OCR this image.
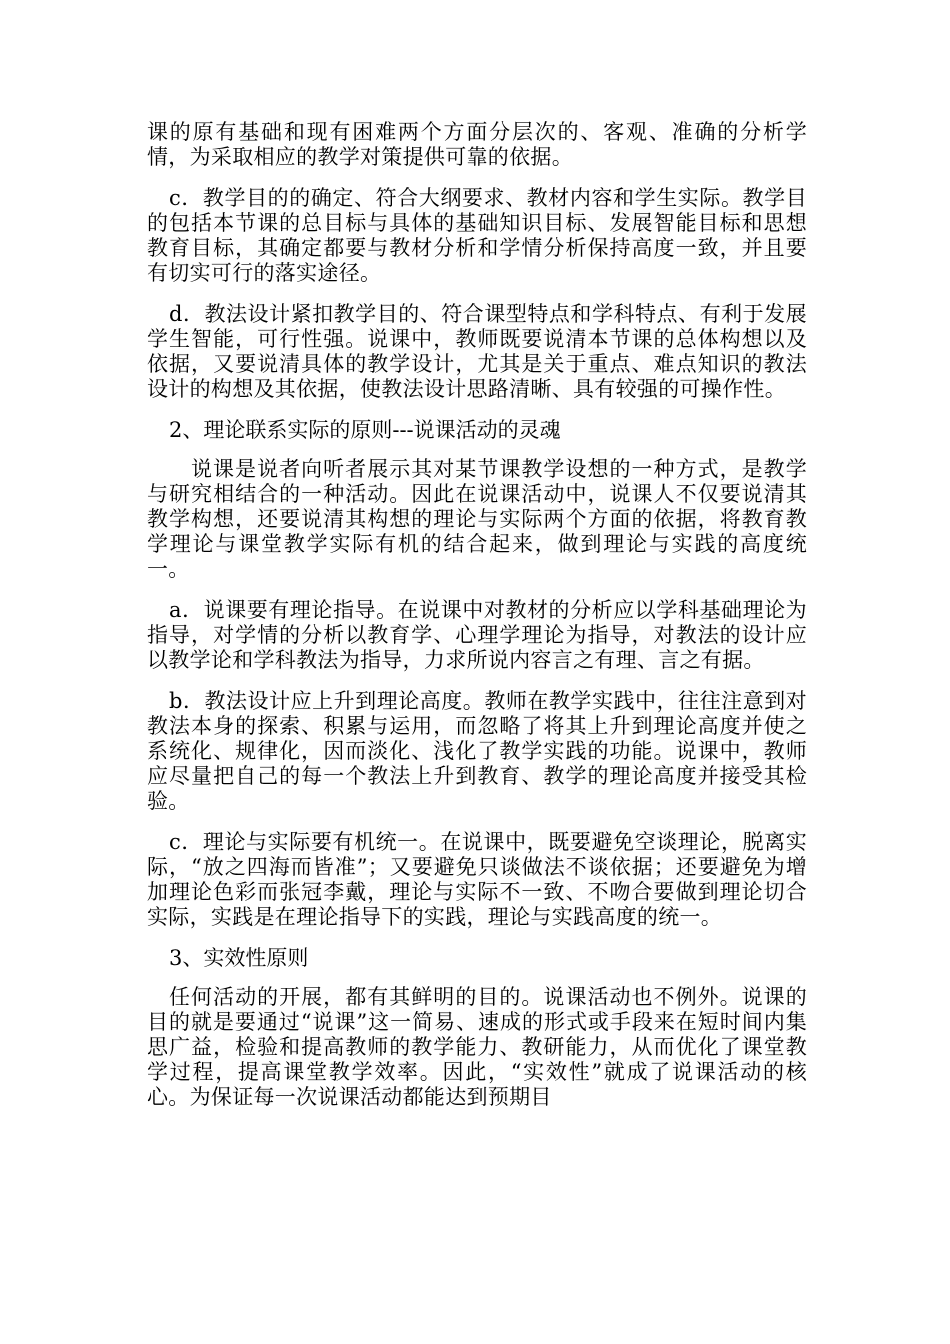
课的原有基础和现有困难两个方面分层次的、客观、准确的分析学情，为采取相应的教学对策提供可靠的依据。

c．教学目的的确定、符合大纲要求、教材内容和学生实际。教学目的包括本节课的总目标与具体的基础知识目标、发展智能目标和思想教育目标，其确定都要与教材分析和学情分析保持高度一致，并且要有切实可行的落实途径。

d．教法设计紧扣教学目的、符合课型特点和学科特点、有利于发展学生智能，可行性强。说课中，教师既要说清本节课的总体构想以及依据，又要说清具体的教学设计，尤其是关于重点、难点知识的教法设计的构想及其依据，使教法设计思路清晰、具有较强的可操作性。

2、理论联系实际的原则---说课活动的灵魂

说课是说者向听者展示其对某节课教学设想的一种方式，是教学与研究相结合的一种活动。因此在说课活动中，说课人不仅要说清其教学构想，还要说清其构想的理论与实际两个方面的依据，将教育教学理论与课堂教学实际有机的结合起来，做到理论与实践的高度统一。

a．说课要有理论指导。在说课中对教材的分析应以学科基础理论为指导，对学情的分析以教育学、心理学理论为指导，对教法的设计应以教学论和学科教法为指导，力求所说内容言之有理、言之有据。

b．教法设计应上升到理论高度。教师在教学实践中，往往注意到对教法本身的探索、积累与运用，而忽略了将其上升到理论高度并使之系统化、规律化，因而淡化、浅化了教学实践的功能。说课中，教师应尽量把自己的每一个教法上升到教育、教学的理论高度并接受其检验。

c．理论与实际要有机统一。在说课中，既要避免空谈理论，脱离实际，“放之四海而皆准”；又要避免只谈做法不谈依据；还要避免为增加理论色彩而张冠李戴，理论与实际不一致、不吻合要做到理论切合实际，实践是在理论指导下的实践，理论与实践高度的统一。

3、实效性原则

任何活动的开展，都有其鲜明的目的。说课活动也不例外。说课的目的就是要通过“说课”这一简易、速成的形式或手段来在短时间内集思广益，检验和提高教师的教学能力、教研能力，从而优化了课堂教学过程，提高课堂教学效率。因此，“实效性”就成了说课活动的核心。为保证每一次说课活动都能达到预期目
